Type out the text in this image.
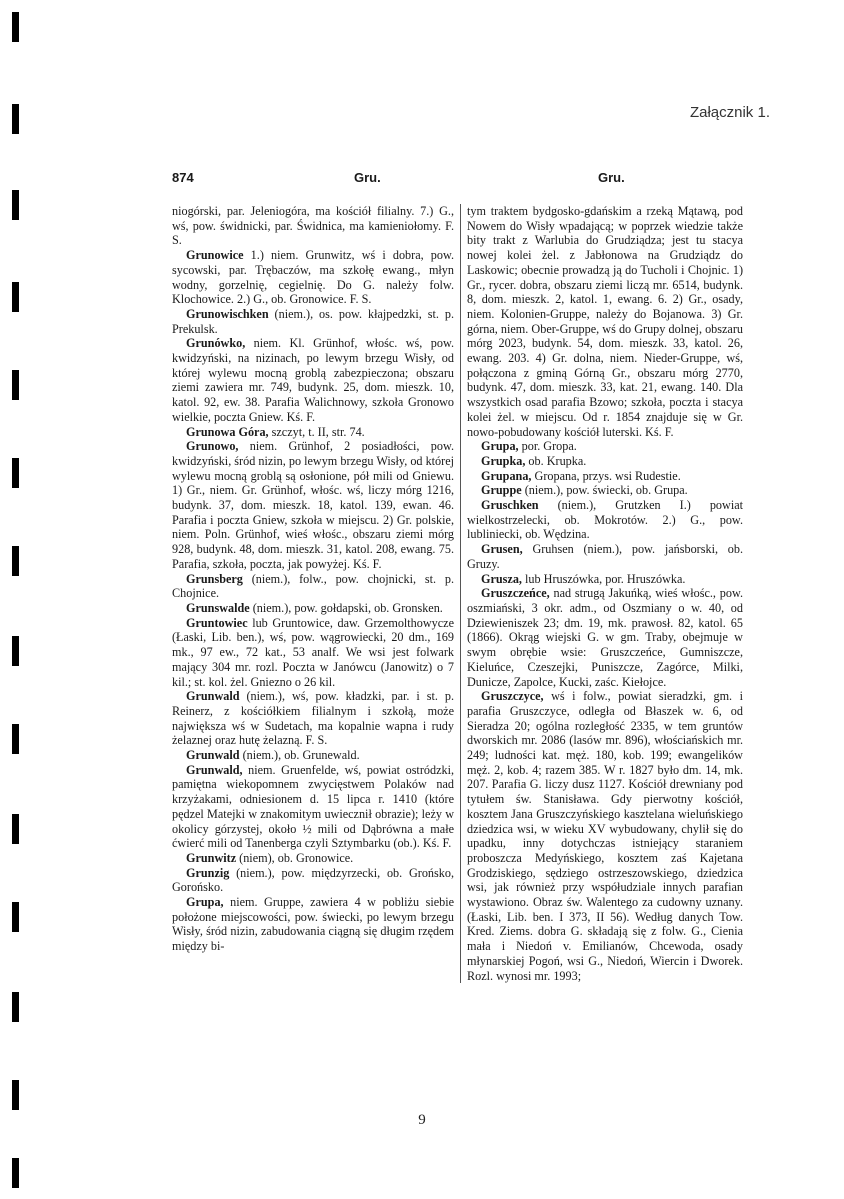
Załącznik 1.
874	Gru.	Gru.

niogórski, par. Jeleniogóra, ma kościół filialny. 7.) G., wś, pow. świdnicki, par. Świdnica, ma kamieniołomy. F. S.

Grunowice 1.) niem. Grunwitz, wś i dobra, pow. sycowski, par. Trębaczów, ma szkołę ewang., młyn wodny, gorzelnię, cegielnię. Do G. należy folw. Klochowice. 2.) G., ob. Gronowice. F. S.

Grunowischken (niem.), os. pow. kłajpedzki, st. p. Prekulsk.

Grunówko, niem. Kl. Grünhof, włośc. wś, pow. kwidzyński, na nizinach, po lewym brzegu Wisły, od której wylewu mocną groblą zabezpieczona; obszaru ziemi zawiera mr. 749, budynk. 25, dom. mieszk. 10, katol. 92, ew. 38. Parafia Walichnowy, szkoła Gronowo wielkie, poczta Gniew. Kś. F.

Grunowa Góra, szczyt, t. II, str. 74.

Grunowo, niem. Grünhof, 2 posiadłości, pow. kwidzyński, śród nizin, po lewym brzegu Wisły, od której wylewu mocną groblą są osłonione, pół mili od Gniewu. 1) Gr., niem. Gr. Grünhof, włośc. wś, liczy mórg 1216, budynk. 37, dom. mieszk. 18, katol. 139, ewan. 46. Parafia i poczta Gniew, szkoła w miejscu. 2) Gr. polskie, niem. Poln. Grünhof, wieś włośc., obszaru ziemi mórg 928, budynk. 48, dom. mieszk. 31, katol. 208, ewang. 75. Parafia, szkoła, poczta, jak powyżej. Kś. F.

Grunsberg (niem.), folw., pow. chojnicki, st. p. Chojnice.

Grunswalde (niem.), pow. gołdapski, ob. Gronsken.

Gruntowiec lub Gruntowice, daw. Grzemolthowycze (Łaski, Lib. ben.), wś, pow. wągrowiecki, 20 dm., 169 mk., 97 ew., 72 kat., 53 analf. We wsi jest folwark mający 304 mr. rozl. Poczta w Janówcu (Janowitz) o 7 kil.; st. kol. żel. Gniezno o 26 kil.

Grunwald (niem.), wś, pow. kładzki, par. i st. p. Reinerz, z kościółkiem filialnym i szkołą, może największa wś w Sudetach, ma kopalnie wapna i rudy żelaznej oraz hutę żelazną. F. S.

Grunwald (niem.), ob. Grunewald.

Grunwald, niem. Gruenfelde, wś, powiat ostródzki, pamiętna wiekopomnem zwycięstwem Polaków nad krzyżakami, odniesionem d. 15 lipca r. 1410 (które pędzel Matejki w znakomitym uwiecznił obrazie); leży w okolicy górzystej, około ½ mili od Dąbrówna a małe ćwierć mili od Tanenberga czyli Sztymbarku (ob.). Kś. F.

Grunwitz (niem), ob. Gronowice.

Grunzig (niem.), pow. międzyrzecki, ob. Grońsko, Gorońsko.

Grupa, niem. Gruppe, zawiera 4 w pobliżu siebie położone miejscowości, pow. świecki, po lewym brzegu Wisły, śród nizin, zabudowania ciągną się długim rzędem między bi-

tym traktem bydgosko-gdańskim a rzeką Mątawą, pod Nowem do Wisły wpadającą; w poprzek wiedzie także bity trakt z Warlubia do Grudziądza; jest tu stacya nowej kolei żel. z Jabłonowa na Grudziądz do Laskowic; obecnie prowadzą ją do Tucholi i Chojnic. 1) Gr., rycer. dobra, obszaru ziemi liczą mr. 6514, budynk. 8, dom. mieszk. 2, katol. 1, ewang. 6. 2) Gr., osady, niem. Kolonien-Gruppe, należy do Bojanowa. 3) Gr. górna, niem. Ober-Gruppe, wś do Grupy dolnej, obszaru mórg 2023, budynk. 54, dom. mieszk. 33, katol. 26, ewang. 203. 4) Gr. dolna, niem. Nieder-Gruppe, wś, połączona z gminą Górną Gr., obszaru mórg 2770, budynk. 47, dom. mieszk. 33, kat. 21, ewang. 140. Dla wszystkich osad parafia Bzowo; szkoła, poczta i stacya kolei żel. w miejscu. Od r. 1854 znajduje się w Gr. nowo-pobudowany kościół luterski. Kś. F.

Grupa, por. Gropa.

Grupka, ob. Krupka.

Grupana, Gropana, przys. wsi Rudestie.

Gruppe (niem.), pow. świecki, ob. Grupa.

Gruschken (niem.), Grutzken I.) powiat wielkostrzelecki, ob. Mokrotów. 2.) G., pow. lubliniecki, ob. Wędzina.

Grusen, Gruhsen (niem.), pow. jańsborski, ob. Gruzy.

Grusza, lub Hruszówka, por. Hruszówka.

Gruszczeńce, nad strugą Jakuńką, wieś włośc., pow. oszmiański, 3 okr. adm., od Oszmiany o w. 40, od Dziewieniszek 23; dm. 19, mk. prawosł. 82, katol. 65 (1866). Okrąg wiejski G. w gm. Traby, obejmuje w swym obrębie wsie: Gruszczeńce, Gumniszcze, Kieluńce, Czeszejki, Puniszcze, Zagórce, Milki, Dunicze, Zapolce, Kucki, zaśc. Kiełojce.

Gruszczyce, wś i folw., powiat sieradzki, gm. i parafia Gruszczyce, odległa od Błaszek w. 6, od Sieradza 20; ogólna rozległość 2335, w tem gruntów dworskich mr. 2086 (lasów mr. 896), włościańskich mr. 249; ludności kat. męż. 180, kob. 199; ewangelików męż. 2, kob. 4; razem 385. W r. 1827 było dm. 14, mk. 207. Parafia G. liczy dusz 1127. Kościół drewniany pod tytułem św. Stanisława. Gdy pierwotny kościół, kosztem Jana Gruszczyńskiego kasztelana wieluńskiego dziedzica wsi, w wieku XV wybudowany, chylił się do upadku, inny dotychczas istniejący staraniem proboszcza Medyńskiego, kosztem zaś Kajetana Grodziskiego, sędziego ostrzeszowskiego, dziedzica wsi, jak również przy współudziale innych parafian wystawiono. Obraz św. Walentego za cudowny uznany. (Łaski, Lib. ben. I 373, II 56). Według danych Tow. Kred. Ziems. dobra G. składają się z folw. G., Cienia mała i Niedoń v. Emilianów, Chcewoda, osady młynarskiej Pogoń, wsi G., Niedoń, Wiercin i Dworek. Rozl. wynosi mr. 1993;

9
